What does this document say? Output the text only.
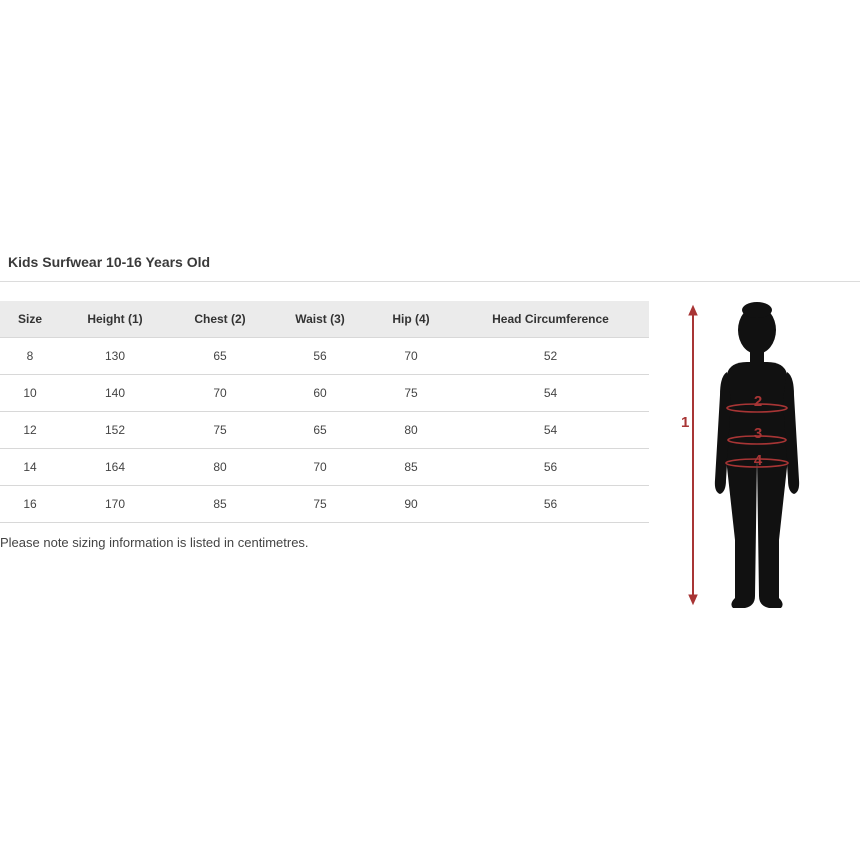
Kids Surfwear 10-16 Years Old
Size	Height (1)	Chest (2)	Waist (3)	Hip (4)	Head Circumference
8	130	65	56	70	52
10	140	70	60	75	54
12	152	75	65	80	54
14	164	80	70	85	56
16	170	85	75	90	56
Please note sizing information is listed in centimetres.
1
2
3
4
